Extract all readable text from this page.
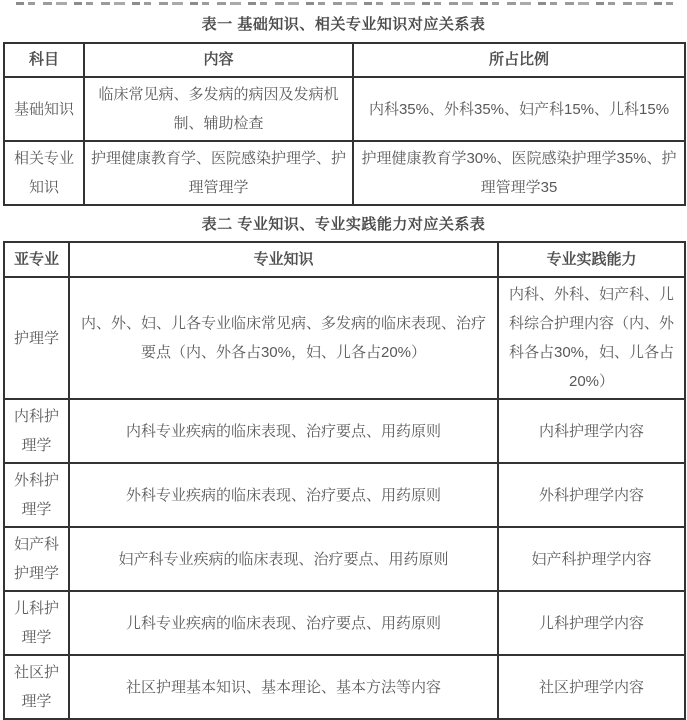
表一 基础知识、相关专业知识对应关系表
科目	内容	所占比例
基础知识	临床常见病、多发病的病因及发病机制、辅助检查	内科35%、外科35%、妇产科15%、儿科15%
相关专业知识	护理健康教育学、医院感染护理学、护理管理学	护理健康教育学30%、医院感染护理学35%、护理管理学35
表二 专业知识、专业实践能力对应关系表
亚专业	专业知识	专业实践能力
护理学	内、外、妇、儿各专业临床常见病、多发病的临床表现、治疗要点（内、外各占30%，妇、儿各占20%）	内科、外科、妇产科、儿科综合护理内容（内、外科各占30%，妇、儿各占20%）
内科护理学	内科专业疾病的临床表现、治疗要点、用药原则	内科护理学内容
外科护理学	外科专业疾病的临床表现、治疗要点、用药原则	外科护理学内容
妇产科护理学	妇产科专业疾病的临床表现、治疗要点、用药原则	妇产科护理学内容
儿科护理学	儿科专业疾病的临床表现、治疗要点、用药原则	儿科护理学内容
社区护理学	社区护理基本知识、基本理论、基本方法等内容	社区护理学内容
